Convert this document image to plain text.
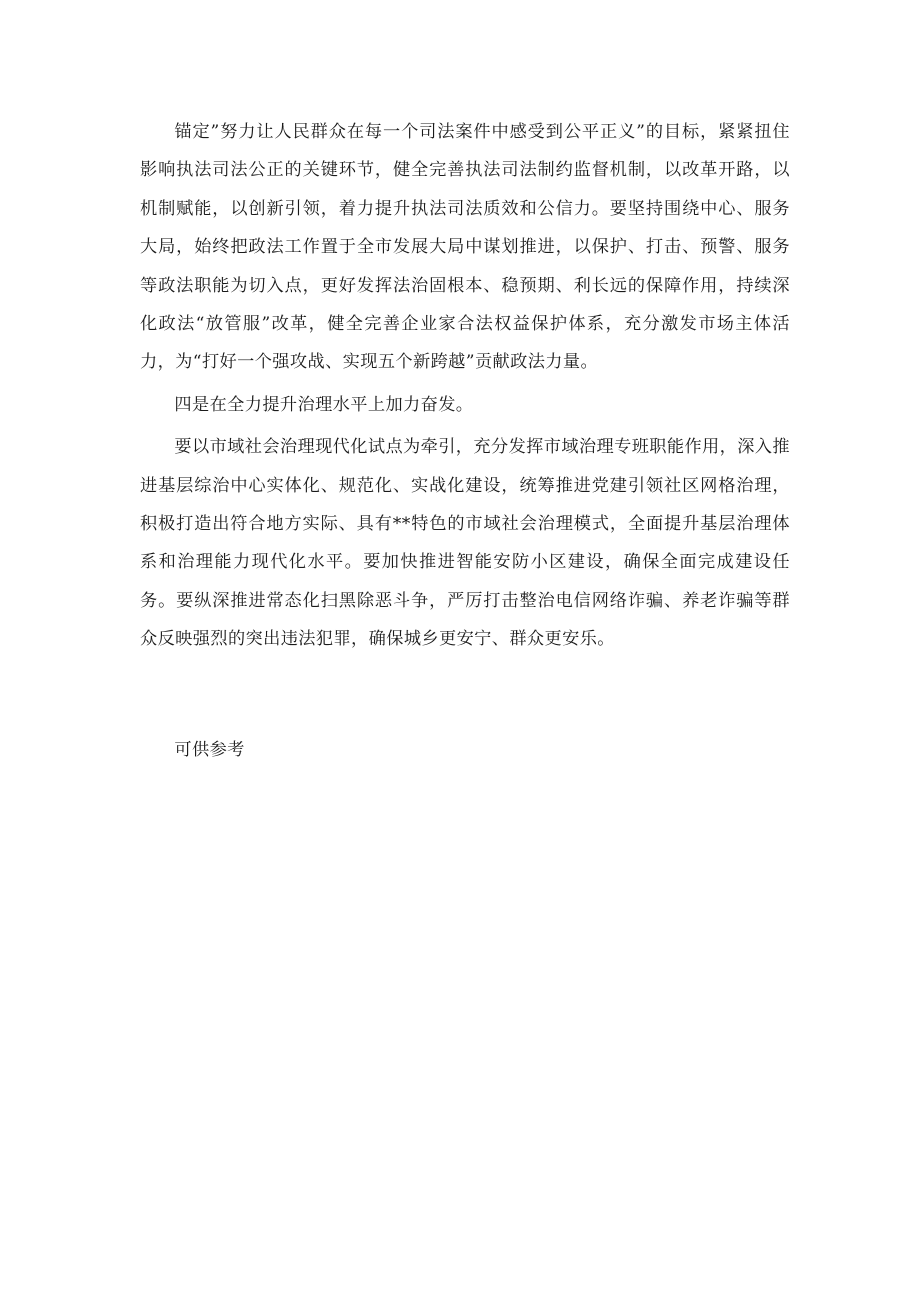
锚定”努力让人民群众在每一个司法案件中感受到公平正义”的目标，紧紧扭住影响执法司法公正的关键环节，健全完善执法司法制约监督机制，以改革开路，以机制赋能，以创新引领，着力提升执法司法质效和公信力。要坚持围绕中心、服务大局，始终把政法工作置于全市发展大局中谋划推进，以保护、打击、预警、服务等政法职能为切入点，更好发挥法治固根本、稳预期、利长远的保障作用，持续深化政法“放管服”改革，健全完善企业家合法权益保护体系，充分激发市场主体活力，为“打好一个强攻战、实现五个新跨越”贡献政法力量。

四是在全力提升治理水平上加力奋发。

要以市域社会治理现代化试点为牵引，充分发挥市域治理专班职能作用，深入推进基层综治中心实体化、规范化、实战化建设，统筹推进党建引领社区网格治理，积极打造出符合地方实际、具有**特色的市域社会治理模式，全面提升基层治理体系和治理能力现代化水平。要加快推进智能安防小区建设，确保全面完成建设任务。要纵深推进常态化扫黑除恶斗争，严厉打击整治电信网络诈骗、养老诈骗等群众反映强烈的突出违法犯罪，确保城乡更安宁、群众更安乐。

可供参考
